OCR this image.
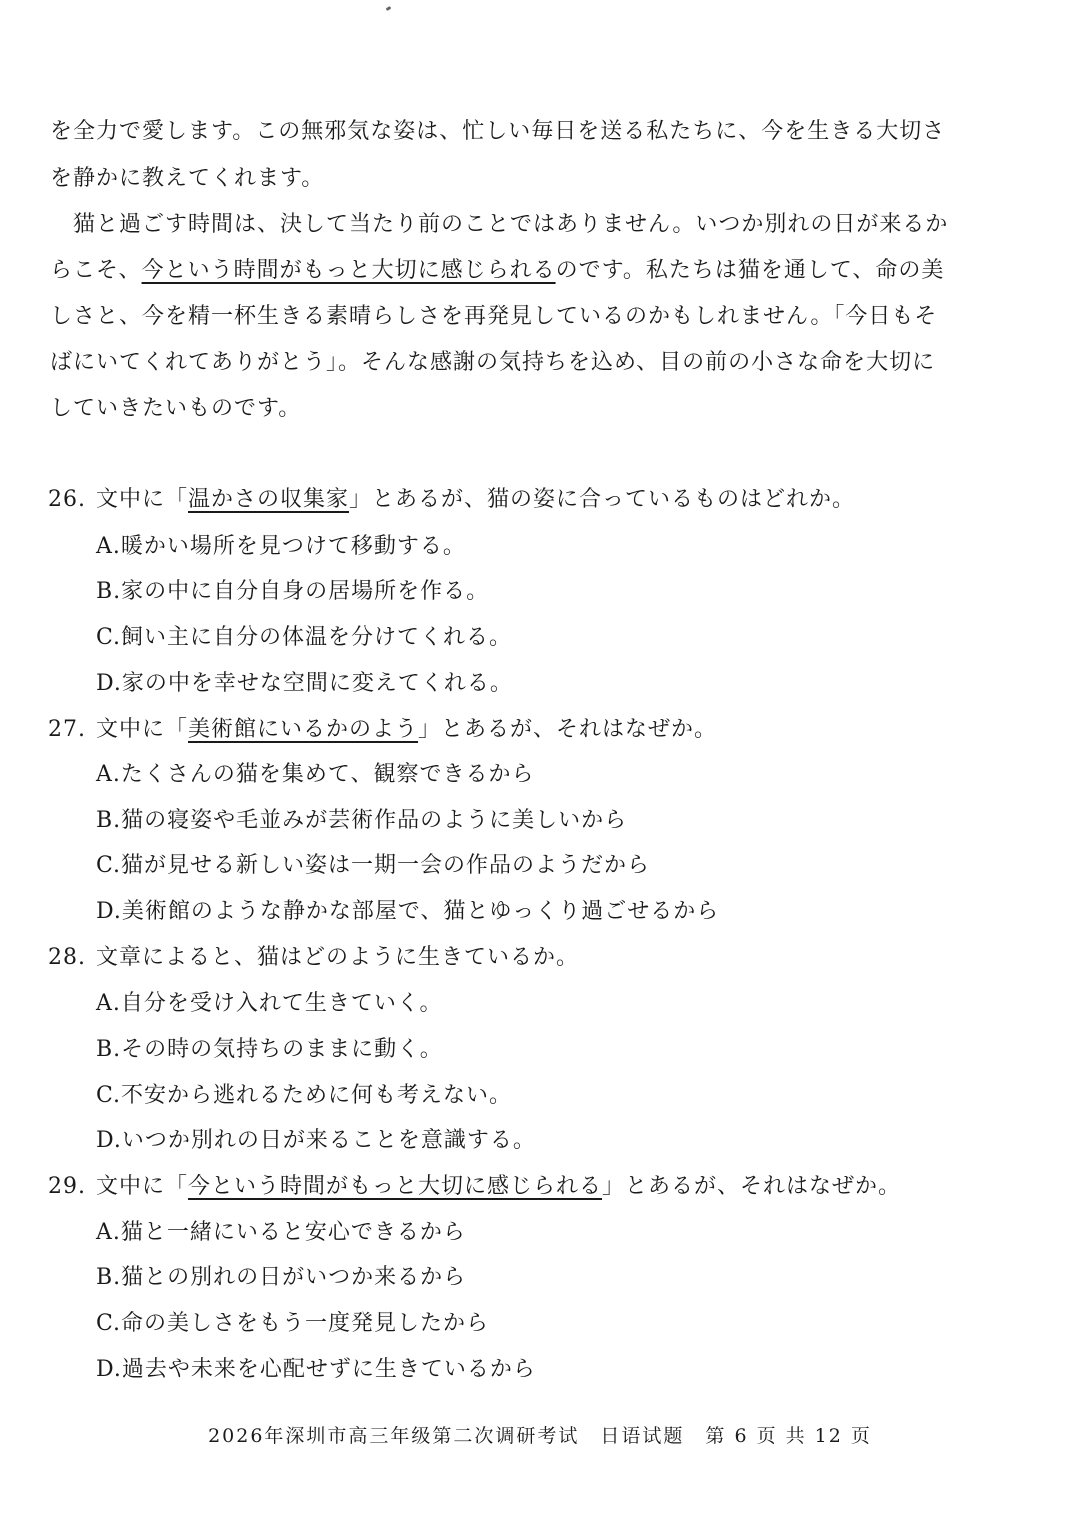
を全力で愛します。この無邪気な姿は、忙しい毎日を送る私たちに、今を生きる大切さ
を静かに教えてくれます。
　猫と過ごす時間は、決して当たり前のことではありません。いつか別れの日が来るか
らこそ、今という時間がもっと大切に感じられるのです。私たちは猫を通して、命の美
しさと、今を精一杯生きる素晴らしさを再発見しているのかもしれません。「今日もそ
ばにいてくれてありがとう」。そんな感謝の気持ちを込め、目の前の小さな命を大切に
していきたいものです。
26. 文中に「温かさの収集家」とあるが、猫の姿に合っているものはどれか。
A.暖かい場所を見つけて移動する。
B.家の中に自分自身の居場所を作る。
C.飼い主に自分の体温を分けてくれる。
D.家の中を幸せな空間に変えてくれる。
27. 文中に「美術館にいるかのよう」とあるが、それはなぜか。
A.たくさんの猫を集めて、観察できるから
B.猫の寝姿や毛並みが芸術作品のように美しいから
C.猫が見せる新しい姿は一期一会の作品のようだから
D.美術館のような静かな部屋で、猫とゆっくり過ごせるから
28. 文章によると、猫はどのように生きているか。
A.自分を受け入れて生きていく。
B.その時の気持ちのままに動く。
C.不安から逃れるために何も考えない。
D.いつか別れの日が来ることを意識する。
29. 文中に「今という時間がもっと大切に感じられる」とあるが、それはなぜか。
A.猫と一緒にいると安心できるから
B.猫との別れの日がいつか来るから
C.命の美しさをもう一度発見したから
D.過去や未来を心配せずに生きているから
2026年深圳市高三年级第二次调研考试　日语试题　第 6 页 共 12 页
